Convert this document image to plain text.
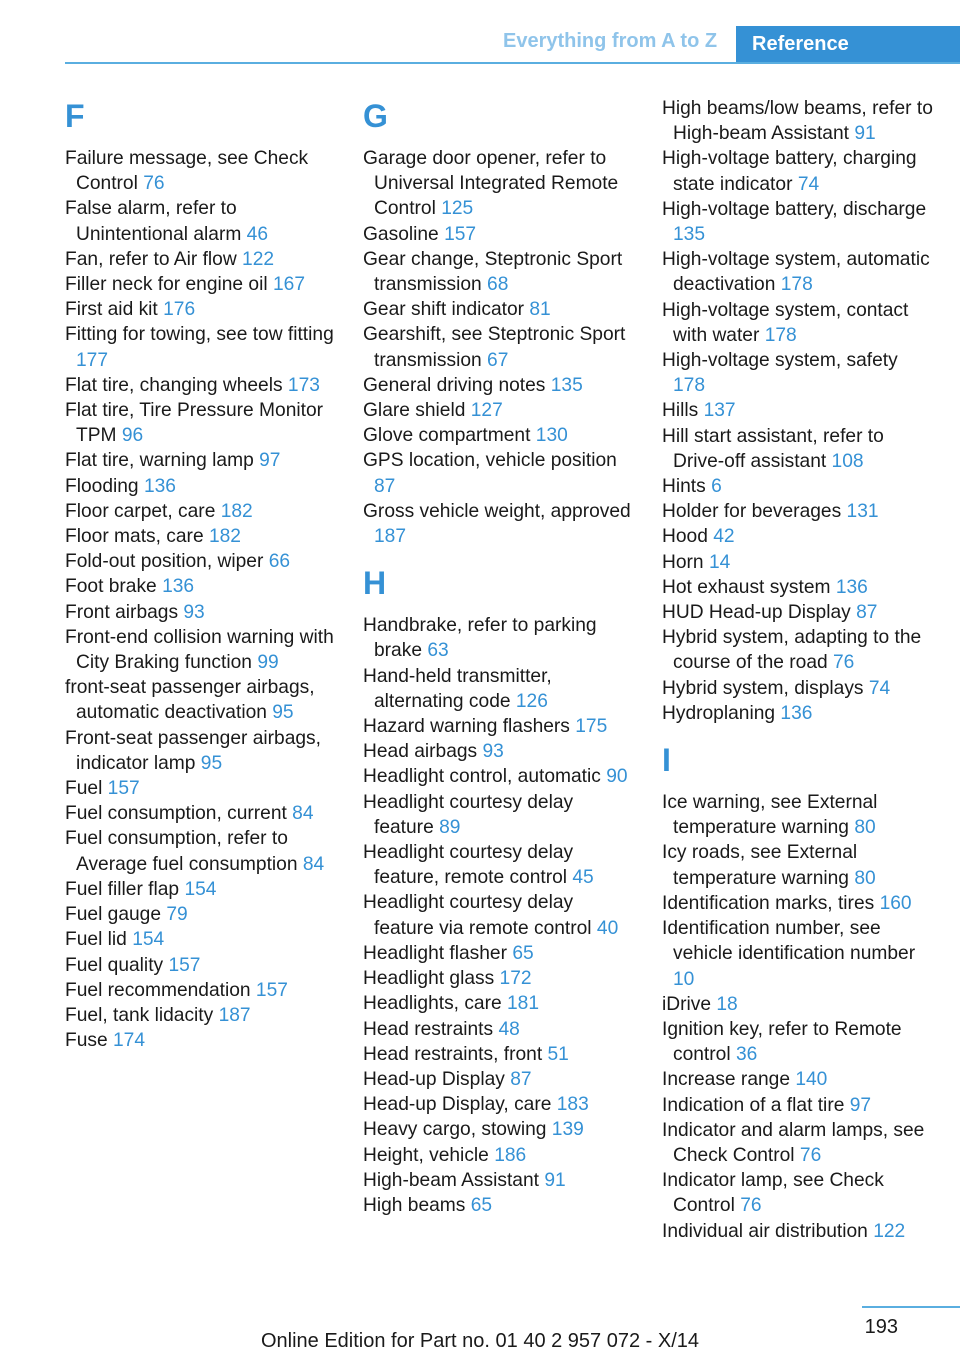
Everything from A to Z	Reference
F
Failure message, see Check Control 76
False alarm, refer to Unintentional alarm 46
Fan, refer to Air flow 122
Filler neck for engine oil 167
First aid kit 176
Fitting for towing, see tow fitting 177
Flat tire, changing wheels 173
Flat tire, Tire Pressure Monitor TPM 96
Flat tire, warning lamp 97
Flooding 136
Floor carpet, care 182
Floor mats, care 182
Fold-out position, wiper 66
Foot brake 136
Front airbags 93
Front-end collision warning with City Braking function 99
front-seat passenger airbags, automatic deactivation 95
Front-seat passenger airbags, indicator lamp 95
Fuel 157
Fuel consumption, current 84
Fuel consumption, refer to Average fuel consumption 84
Fuel filler flap 154
Fuel gauge 79
Fuel lid 154
Fuel quality 157
Fuel recommendation 157
Fuel, tank lidacity 187
Fuse 174
G
Garage door opener, refer to Universal Integrated Remote Control 125
Gasoline 157
Gear change, Steptronic Sport transmission 68
Gear shift indicator 81
Gearshift, see Steptronic Sport transmission 67
General driving notes 135
Glare shield 127
Glove compartment 130
GPS location, vehicle position 87
Gross vehicle weight, approved 187
H
Handbrake, refer to parking brake 63
Hand-held transmitter, alternating code 126
Hazard warning flashers 175
Head airbags 93
Headlight control, automatic 90
Headlight courtesy delay feature 89
Headlight courtesy delay feature, remote control 45
Headlight courtesy delay feature via remote control 40
Headlight flasher 65
Headlight glass 172
Headlights, care 181
Head restraints 48
Head restraints, front 51
Head-up Display 87
Head-up Display, care 183
Heavy cargo, stowing 139
Height, vehicle 186
High-beam Assistant 91
High beams 65
High beams/low beams, refer to High-beam Assistant 91
High-voltage battery, charging state indicator 74
High-voltage battery, discharge 135
High-voltage system, automatic deactivation 178
High-voltage system, contact with water 178
High-voltage system, safety 178
Hills 137
Hill start assistant, refer to Drive-off assistant 108
Hints 6
Holder for beverages 131
Hood 42
Horn 14
Hot exhaust system 136
HUD Head-up Display 87
Hybrid system, adapting to the course of the road 76
Hybrid system, displays 74
Hydroplaning 136
I
Ice warning, see External temperature warning 80
Icy roads, see External temperature warning 80
Identification marks, tires 160
Identification number, see vehicle identification number 10
iDrive 18
Ignition key, refer to Remote control 36
Increase range 140
Indication of a flat tire 97
Indicator and alarm lamps, see Check Control 76
Indicator lamp, see Check Control 76
Individual air distribution 122
193
Online Edition for Part no. 01 40 2 957 072 - X/14
